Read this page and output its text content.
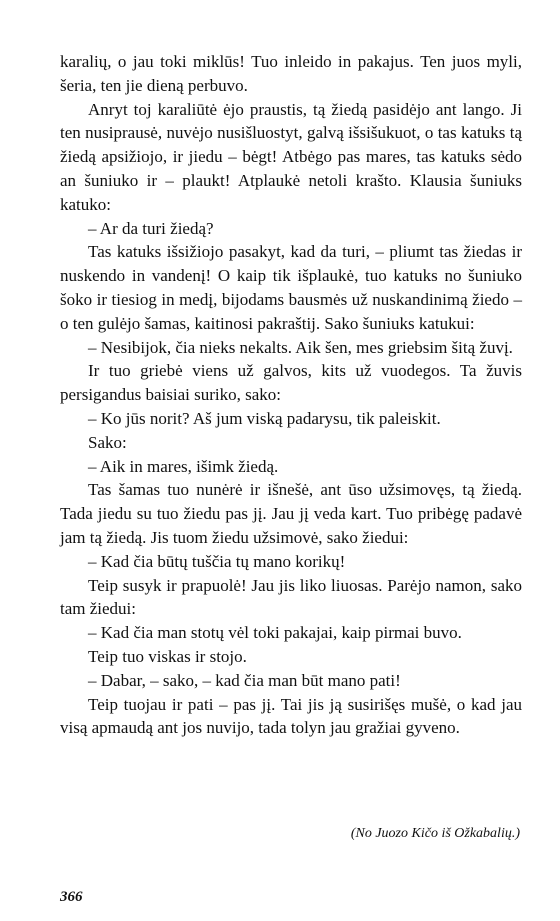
karalių, o jau toki miklūs! Tuo inleido in pakajus. Ten juos myli, šeria, ten jie dieną perbuvo.

Anryt toj karaliūtė ėjo praustis, tą žiedą pasidėjo ant lango. Ji ten nusiprausė, nuvėjo nusišluostyt, galvą išsišukuot, o tas katuks tą žiedą apsižiojo, ir jiedu – bėgt! Atbėgo pas mares, tas katuks sėdo an šuniuko ir – plaukt! Atplaukė netoli krašto. Klausia šuniuks katuko:

– Ar da turi žiedą?

Tas katuks išsižiojo pasakyt, kad da turi, – pliumt tas žiedas ir nuskendo in vandenį! O kaip tik išplaukė, tuo katuks no šuniuko šoko ir tiesiog in medį, bijodams bausmės už nuskandinimą žiedo – o ten gulėjo šamas, kaitinosi pakraštij. Sako šuniuks katukui:

– Nesibijok, čia nieks nekalts. Aik šen, mes griebsim šitą žuvį.

Ir tuo griebė viens už galvos, kits už vuodegos. Ta žuvis persigandus baisiai suriko, sako:

– Ko jūs norit? Aš jum viską padarysu, tik paleiskit.

Sako:

– Aik in mares, išimk žiedą.

Tas šamas tuo nunėrė ir išnešė, ant ūso užsimovęs, tą žiedą. Tada jiedu su tuo žiedu pas jį. Jau jį veda kart. Tuo pribėgę padavė jam tą žiedą. Jis tuom žiedu užsimovė, sako žiedui:

– Kad čia būtų tuščia tų mano korikų!

Teip susyk ir prapuolė! Jau jis liko liuosas. Parėjo namon, sako tam žiedui:

– Kad čia man stotų vėl toki pakajai, kaip pirmai buvo.

Teip tuo viskas ir stojo.

– Dabar, – sako, – kad čia man būt mano pati!

Teip tuojau ir pati – pas jį. Tai jis ją susirišęs mušė, o kad jau visą apmaudą ant jos nuvijo, tada tolyn jau gražiai gyveno.

(No Juozo Kičo iš Ožkabalių.)
366
